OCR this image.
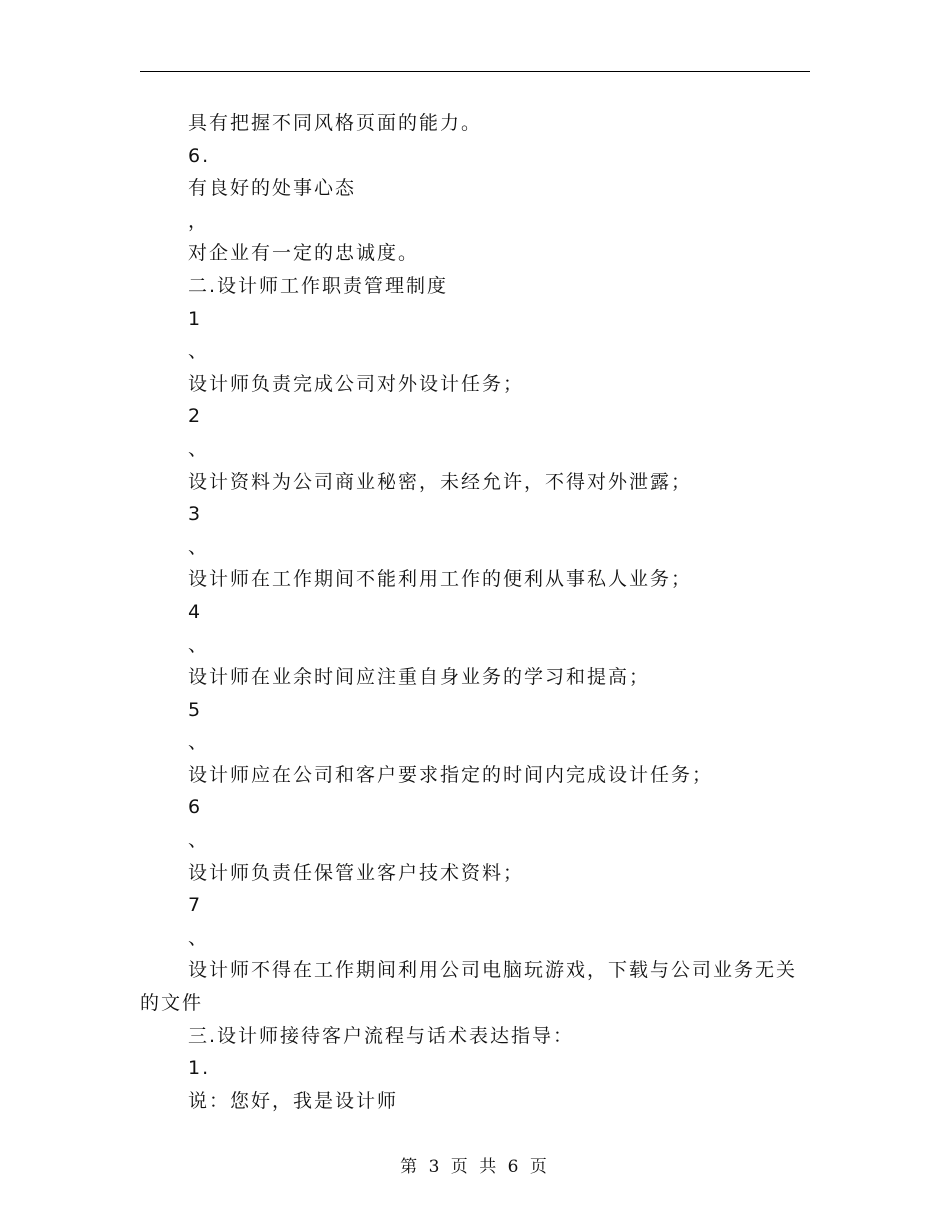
具有把握不同风格页面的能力。
6.
有良好的处事心态
，
对企业有一定的忠诚度。
二.设计师工作职责管理制度
1
、
设计师负责完成公司对外设计任务；
2
、
设计资料为公司商业秘密，未经允许，不得对外泄露；
3
、
设计师在工作期间不能利用工作的便利从事私人业务；
4
、
设计师在业余时间应注重自身业务的学习和提高；
5
、
设计师应在公司和客户要求指定的时间内完成设计任务；
6
、
设计师负责任保管业客户技术资料；
7
、

设计师不得在工作期间利用公司电脑玩游戏，下载与公司业务无关的文件

三.设计师接待客户流程与话术表达指导：
1.
说：您好，我是设计师
第 3 页 共 6 页
